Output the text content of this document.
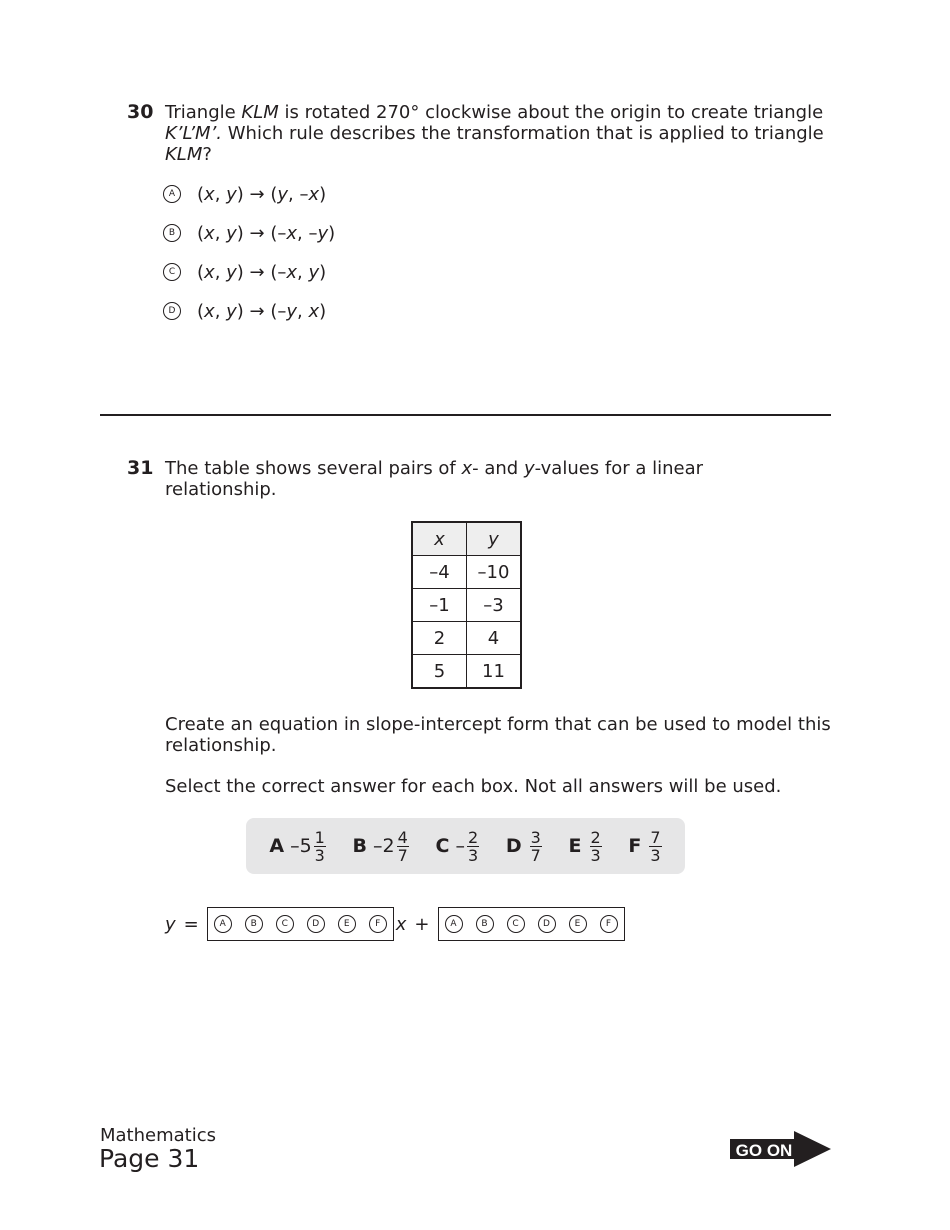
30 Triangle KLM is rotated 270° clockwise about the origin to create triangle K’L’M’. Which rule describes the transformation that is applied to triangle KLM?
A	(x, y) → (y, –x)
B	(x, y) → (–x, –y)
C	(x, y) → (–x, y)
D	(x, y) → (–y, x)
31 The table shows several pairs of x- and y-values for a linear relationship.
x	y
–4	–10
–1	–3
2	4
5	11
Create an equation in slope-intercept form that can be used to model this relationship.
Select the correct answer for each box. Not all answers will be used.
A – $5 \frac{1}{3}$ B – $2 \frac{4}{7}$ C – $\frac{2}{3}$ D $\frac{3}{7}$ E $\frac{2}{3}$ F $\frac{7}{3}$
y =	A	B	C	D	E	F x +	A	B	C	D	E	F
Mathematics
Page 31	GO ON
